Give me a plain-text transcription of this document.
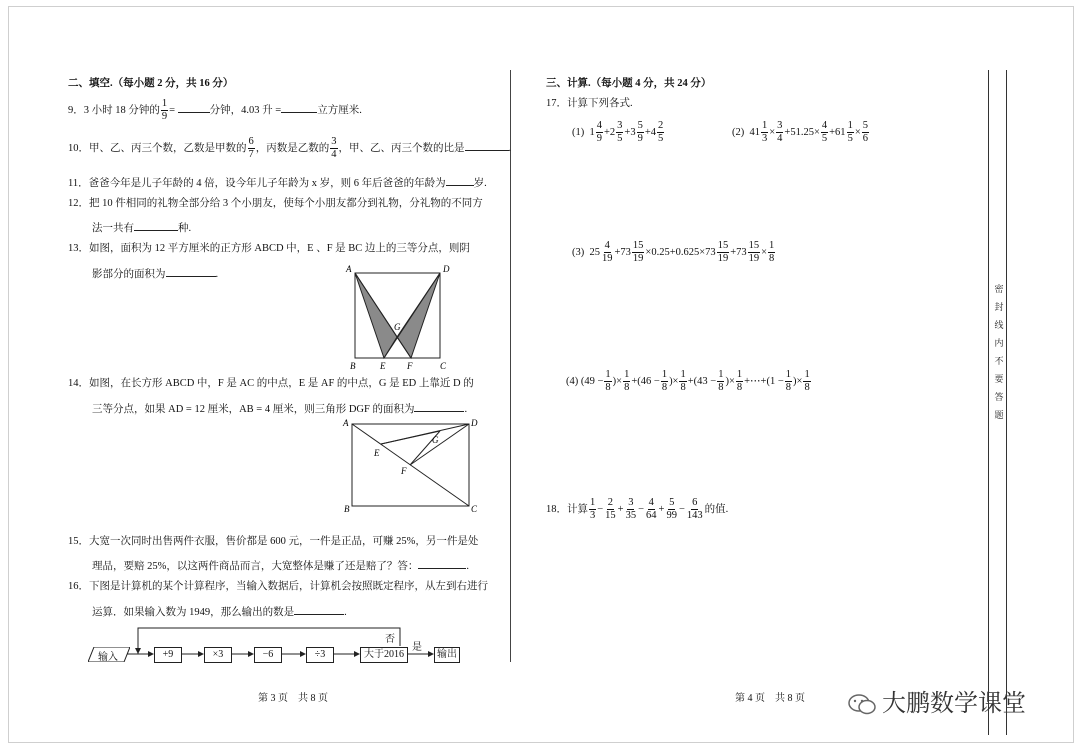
密封线内不要答题
二、填空.（每小题 2 分，共 16 分）
9．3 小时 18 分钟的 $\frac{1}{9}$ =	分钟，4.03 升 =	立方厘米.
10．甲、乙、丙三个数，乙数是甲数的 $\frac{6}{7}$ ，丙数是乙数的 $\frac{3}{4}$ ，甲、乙、丙三个数的比是	.
11．爸爸今年是儿子年龄的 4 倍，设今年儿子年龄为 x 岁，则 6 年后爸爸的年龄为	岁.
12．把 10 件相同的礼物全部分给 3 个小朋友，使每个小朋友都分到礼物，分礼物的不同方
法一共有	种.
13．如图，面积为 12 平方厘米的正方形 ABCD 中，E 、F 是 BC 边上的三等分点，则阴
影部分的面积为	.	A	D
B	E F	C
G
14．如图，在长方形 ABCD 中，F 是 AC 的中点，E 是 AF 的中点，G 是 ED 上靠近 D 的
三等分点，如果 AD = 12 厘米，AB = 4 厘米，则三角形 DGF 的面积为	.
A	D
B	C
E
F
G
15．大宽一次同时出售两件衣服，售价都是 600 元，一件是正品，可赚 25%，另一件是处
理品，要赔 25%，以这两件商品而言，大宽整体是赚了还是赔了？答：	.
16．下图是计算机的某个计算程序，当输入数据后，计算机会按照既定程序，从左到右进行
运算．如果输入数为 1949，那么输出的数是	.
输入	+9	×3	−6	÷3	大于2016	输出
否
是
第 3 页　共 8 页
三、计算.（每小题 4 分，共 24 分）
17．计算下列各式.
(1) $1 \frac{4}{9} +2 \frac{3}{5} +3 \frac{5}{9} +4 \frac{2}{5}$	(2) $41 \frac{1}{3} \times \frac{3}{4} +51.25\times \frac{4}{5} +61 \frac{1}{5} \times \frac{5}{6}$
(3) $25 \frac{4}{19} +73 \frac{15}{19} \times 0.25+0.625\times 73 \frac{15}{19} +73 \frac{15}{19} \times \frac{1}{8}$
(4) ($49 - \frac{1}{8}$ )× $\frac{1}{8} +(46 - \frac{1}{8}$ )× $\frac{1}{8} +(43 - \frac{1}{8}$ )× $\frac{1}{8}$ +⋯+(1 − $\frac{1}{8}$ )× $\frac{1}{8}$
18．计算 $\frac{1}{3} - \frac{2}{15} + \frac{3}{35} - \frac{4}{64} + \frac{5}{99} - \frac{6}{143}$ 的值.
第 4 页　共 8 页	大鹏数学课堂
